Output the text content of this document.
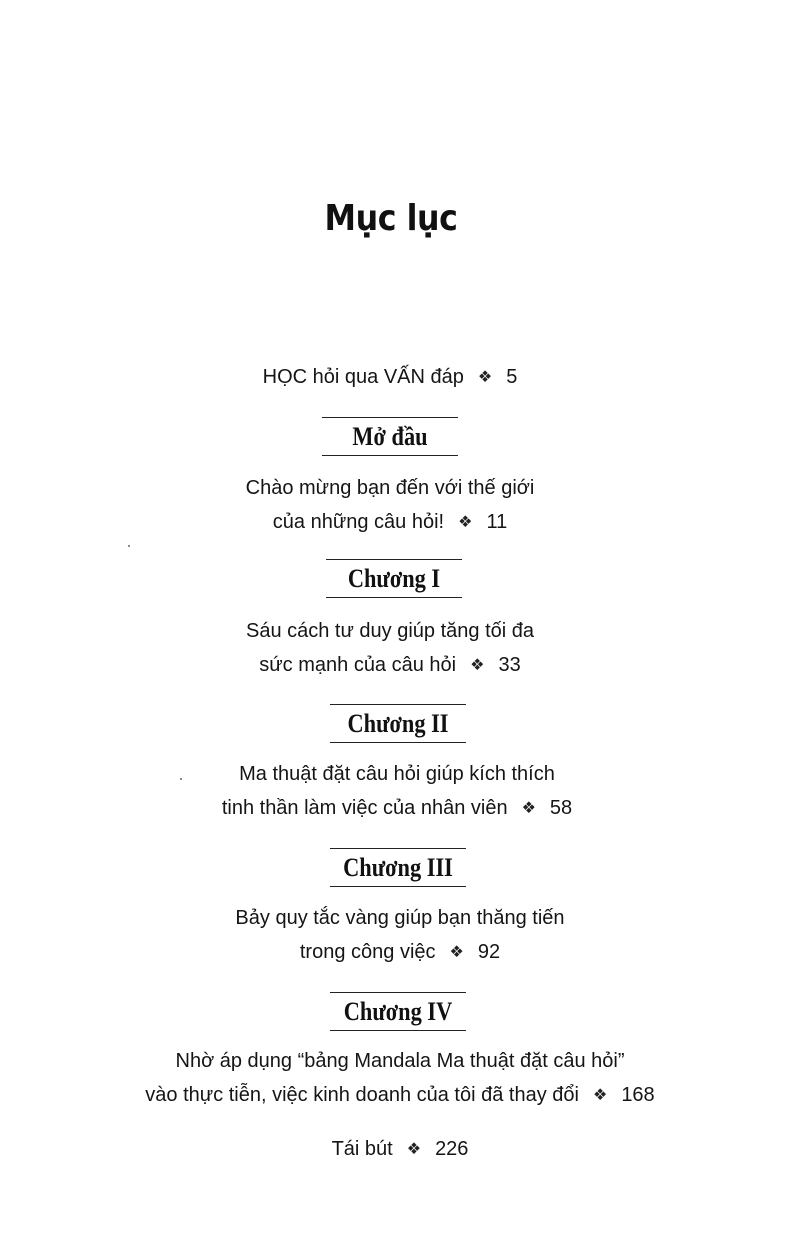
Mục lục
HỌC hỏi qua VẤN đáp ❖ 5
Mở đầu
Chào mừng bạn đến với thế giới
của những câu hỏi! ❖ 11
Chương I
Sáu cách tư duy giúp tăng tối đa
sức mạnh của câu hỏi ❖ 33
Chương II
Ma thuật đặt câu hỏi giúp kích thích
tinh thần làm việc của nhân viên ❖ 58
Chương III
Bảy quy tắc vàng giúp bạn thăng tiến
trong công việc ❖ 92
Chương IV
Nhờ áp dụng “bảng Mandala Ma thuật đặt câu hỏi”
vào thực tiễn, việc kinh doanh của tôi đã thay đổi ❖ 168
Tái bút ❖ 226
